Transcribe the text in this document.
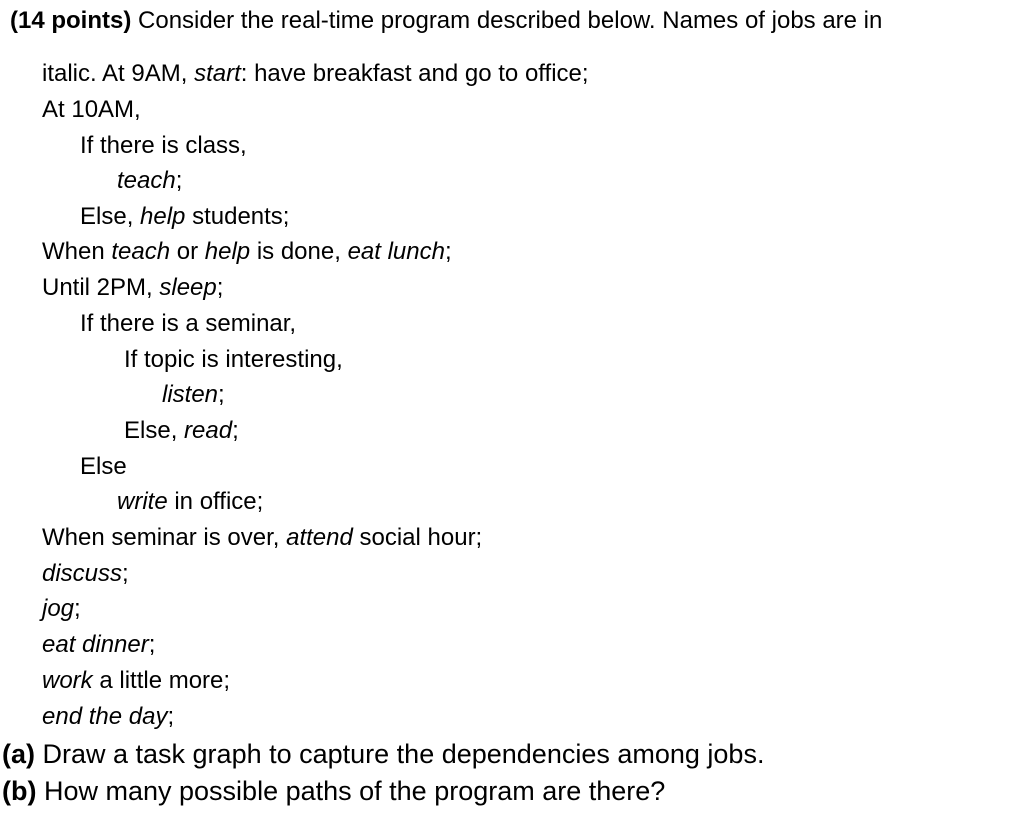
(14 points) Consider the real-time program described below. Names of jobs are in
italic. At 9AM, start: have breakfast and go to office;
At 10AM,
If there is class,
teach;
Else, help students;
When teach or help is done, eat lunch;
Until 2PM, sleep;
If there is a seminar,
If topic is interesting,
listen;
Else, read;
Else
write in office;
When seminar is over, attend social hour;
discuss;
jog;
eat dinner;
work a little more;
end the day;
(a) Draw a task graph to capture the dependencies among jobs.
(b) How many possible paths of the program are there?
